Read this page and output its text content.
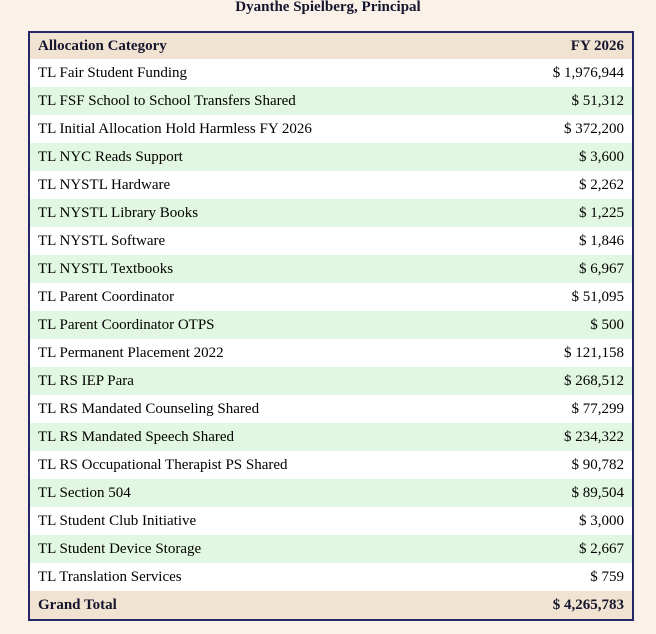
Dyanthe Spielberg, Principal
Allocation Category	FY 2026
TL Fair Student Funding	$ 1,976,944
TL FSF School to School Transfers Shared	$ 51,312
TL Initial Allocation Hold Harmless FY 2026	$ 372,200
TL NYC Reads Support	$ 3,600
TL NYSTL Hardware	$ 2,262
TL NYSTL Library Books	$ 1,225
TL NYSTL Software	$ 1,846
TL NYSTL Textbooks	$ 6,967
TL Parent Coordinator	$ 51,095
TL Parent Coordinator OTPS	$ 500
TL Permanent Placement 2022	$ 121,158
TL RS IEP Para	$ 268,512
TL RS Mandated Counseling Shared	$ 77,299
TL RS Mandated Speech Shared	$ 234,322
TL RS Occupational Therapist PS Shared	$ 90,782
TL Section 504	$ 89,504
TL Student Club Initiative	$ 3,000
TL Student Device Storage	$ 2,667
TL Translation Services	$ 759
Grand Total	$ 4,265,783
